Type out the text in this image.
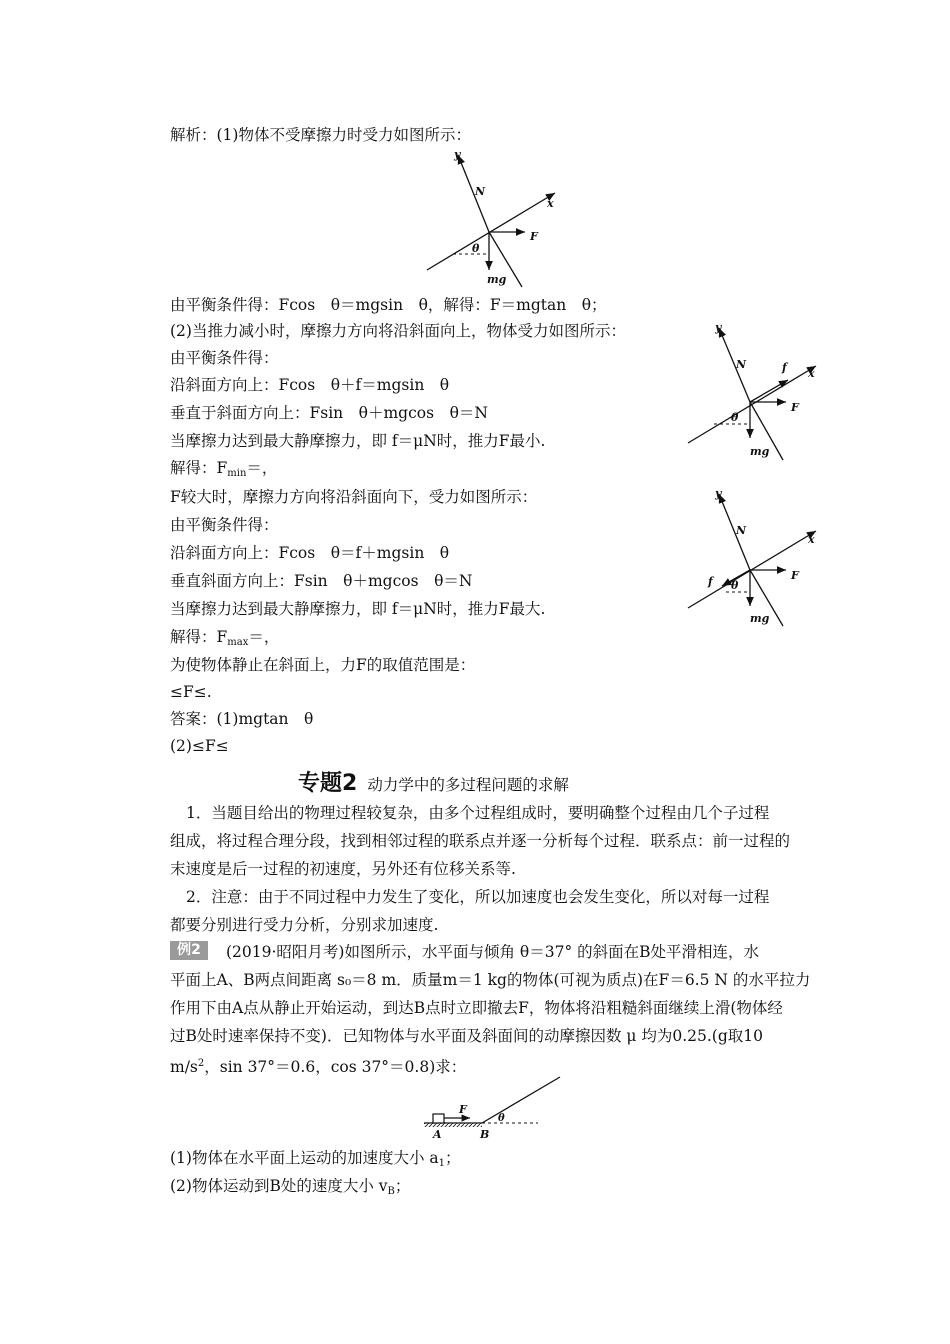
解析：(1)物体不受摩擦力时受力如图所示：
y
x
N
F
θ
mg
由平衡条件得：Fcos　θ＝mgsin　θ，解得：F＝mgtan　θ；
(2)当推力减小时，摩擦力方向将沿斜面向上，物体受力如图所示：
由平衡条件得：
沿斜面方向上：Fcos　θ＋f＝mgsin　θ
垂直于斜面方向上：Fsin　θ＋mgcos　θ＝N
当摩擦力达到最大静摩擦力，即 f＝μN时，推力F最小.
解得：$F_{min}=$，
y
x
N	f
F
θ
mg
F较大时，摩擦力方向将沿斜面向下，受力如图所示：
由平衡条件得：
沿斜面方向上：Fcos　θ＝f＋mgsin　θ
垂直斜面方向上：Fsin　θ＋mgcos　θ＝N
当摩擦力达到最大静摩擦力，即 f＝μN时，推力F最大.
解得：$F_{max}=$，
y
x
N
f	F
θ
mg
为使物体静止在斜面上，力F的取值范围是：
≤F≤.
答案：(1)mgtan　θ
(2)≤F≤
专题2 动力学中的多过程问题的求解
1．当题目给出的物理过程较复杂，由多个过程组成时，要明确整个过程由几个子过程
组成，将过程合理分段，找到相邻过程的联系点并逐一分析每个过程．联系点：前一过程的
末速度是后一过程的初速度，另外还有位移关系等.
2．注意：由于不同过程中力发生了变化，所以加速度也会发生变化，所以对每一过程
都要分别进行受力分析，分别求加速度.
例2	(2019·昭阳月考)如图所示，水平面与倾角 θ＝37° 的斜面在B处平滑相连，水
平面上A、B两点间距离 s₀＝8 m．质量m＝1 kg的物体(可视为质点)在F＝6.5 N 的水平拉力
作用下由A点从静止开始运动，到达B点时立即撤去F，物体将沿粗糙斜面继续上滑(物体经
过B处时速率保持不变)．已知物体与水平面及斜面间的动摩擦因数 μ 均为0.25.(g取10
$m/s^2$，sin 37°＝0.6，cos 37°＝0.8)求：
F
θ
A	B
(1)物体在水平面上运动的加速度大小 $a_1$；
(2)物体运动到B处的速度大小 $v_B$；
